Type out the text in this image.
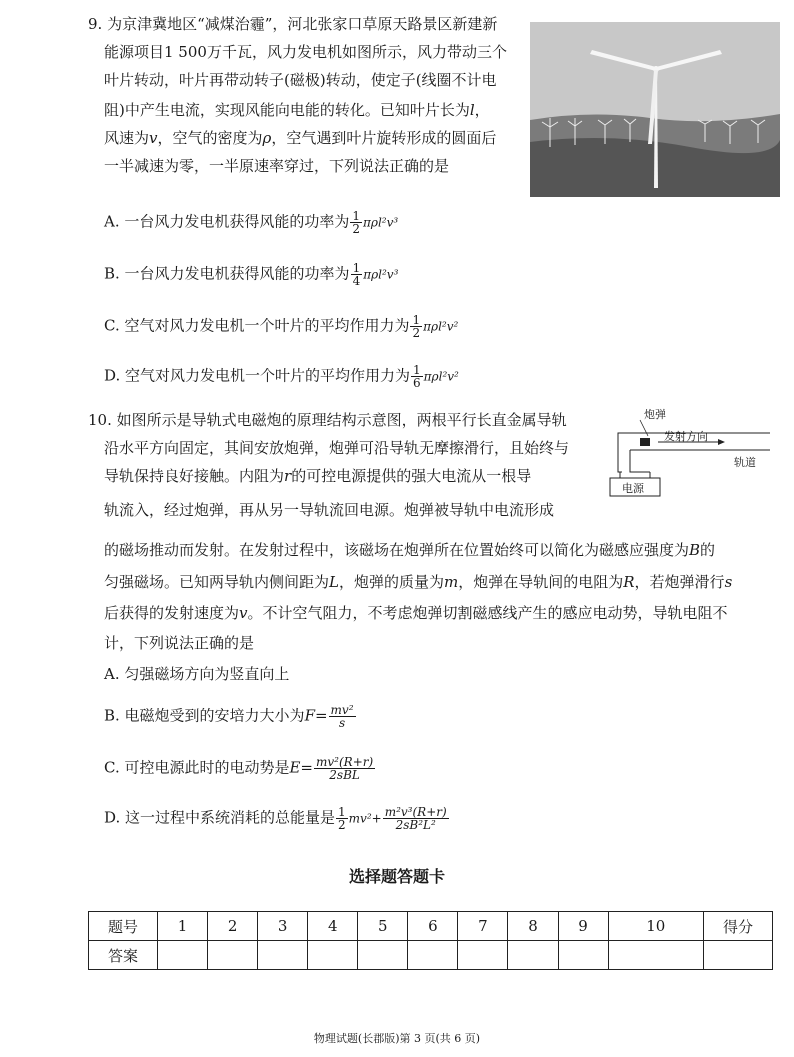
9. 为京津冀地区“减煤治霾”，河北张家口草原天路景区新建新
能源项目1 500万千瓦，风力发电机如图所示，风力带动三个
叶片转动，叶片再带动转子(磁极)转动，使定子(线圈不计电
阻)中产生电流，实现风能向电能的转化。已知叶片长为l，
风速为v，空气的密度为ρ，空气遇到叶片旋转形成的圆面后
一半减速为零，一半原速率穿过，下列说法正确的是
A. 一台风力发电机获得风能的功率为 $\frac{1}{2} \pi\rho l^2v^3$
B. 一台风力发电机获得风能的功率为 $\frac{1}{4} \pi\rho l^2v^3$
C. 空气对风力发电机一个叶片的平均作用力为 $\frac{1}{2} \pi\rho l^2v^2$
D. 空气对风力发电机一个叶片的平均作用力为 $\frac{1}{6} \pi\rho l^2v^2$
10. 如图所示是导轨式电磁炮的原理结构示意图，两根平行长直金属导轨
沿水平方向固定，其间安放炮弹，炮弹可沿导轨无摩擦滑行，且始终与
导轨保持良好接触。内阻为r的可控电源提供的强大电流从一根导
轨流入，经过炮弹，再从另一导轨流回电源。炮弹被导轨中电流形成
的磁场推动而发射。在发射过程中，该磁场在炮弹所在位置始终可以简化为磁感应强度为B的
匀强磁场。已知两导轨内侧间距为L，炮弹的质量为m，炮弹在导轨间的电阻为R，若炮弹滑行s
后获得的发射速度为v。不计空气阻力，不考虑炮弹切割磁感线产生的感应电动势，导轨电阻不
计，下列说法正确的是
炮弹
发射方向
轨道
电源
A. 匀强磁场方向为竖直向上
B. 电磁炮受到的安培力大小为$F= \frac{\text{mv²}}{s}$
C. 可控电源此时的电动势是$E= \frac{\text{mv²(R+r)}}{\text{2sBL}}$
D. 这一过程中系统消耗的总能量是 $\frac{1}{2} mv^2+ \frac{\text{m²v³(R+r)}}{\text{2sB²L²}}$
选择题答题卡
题号	1	2	3	4	5	6	7	8	9	10	得分
答案											
物理试题(长郡版)第 3 页(共 6 页)
